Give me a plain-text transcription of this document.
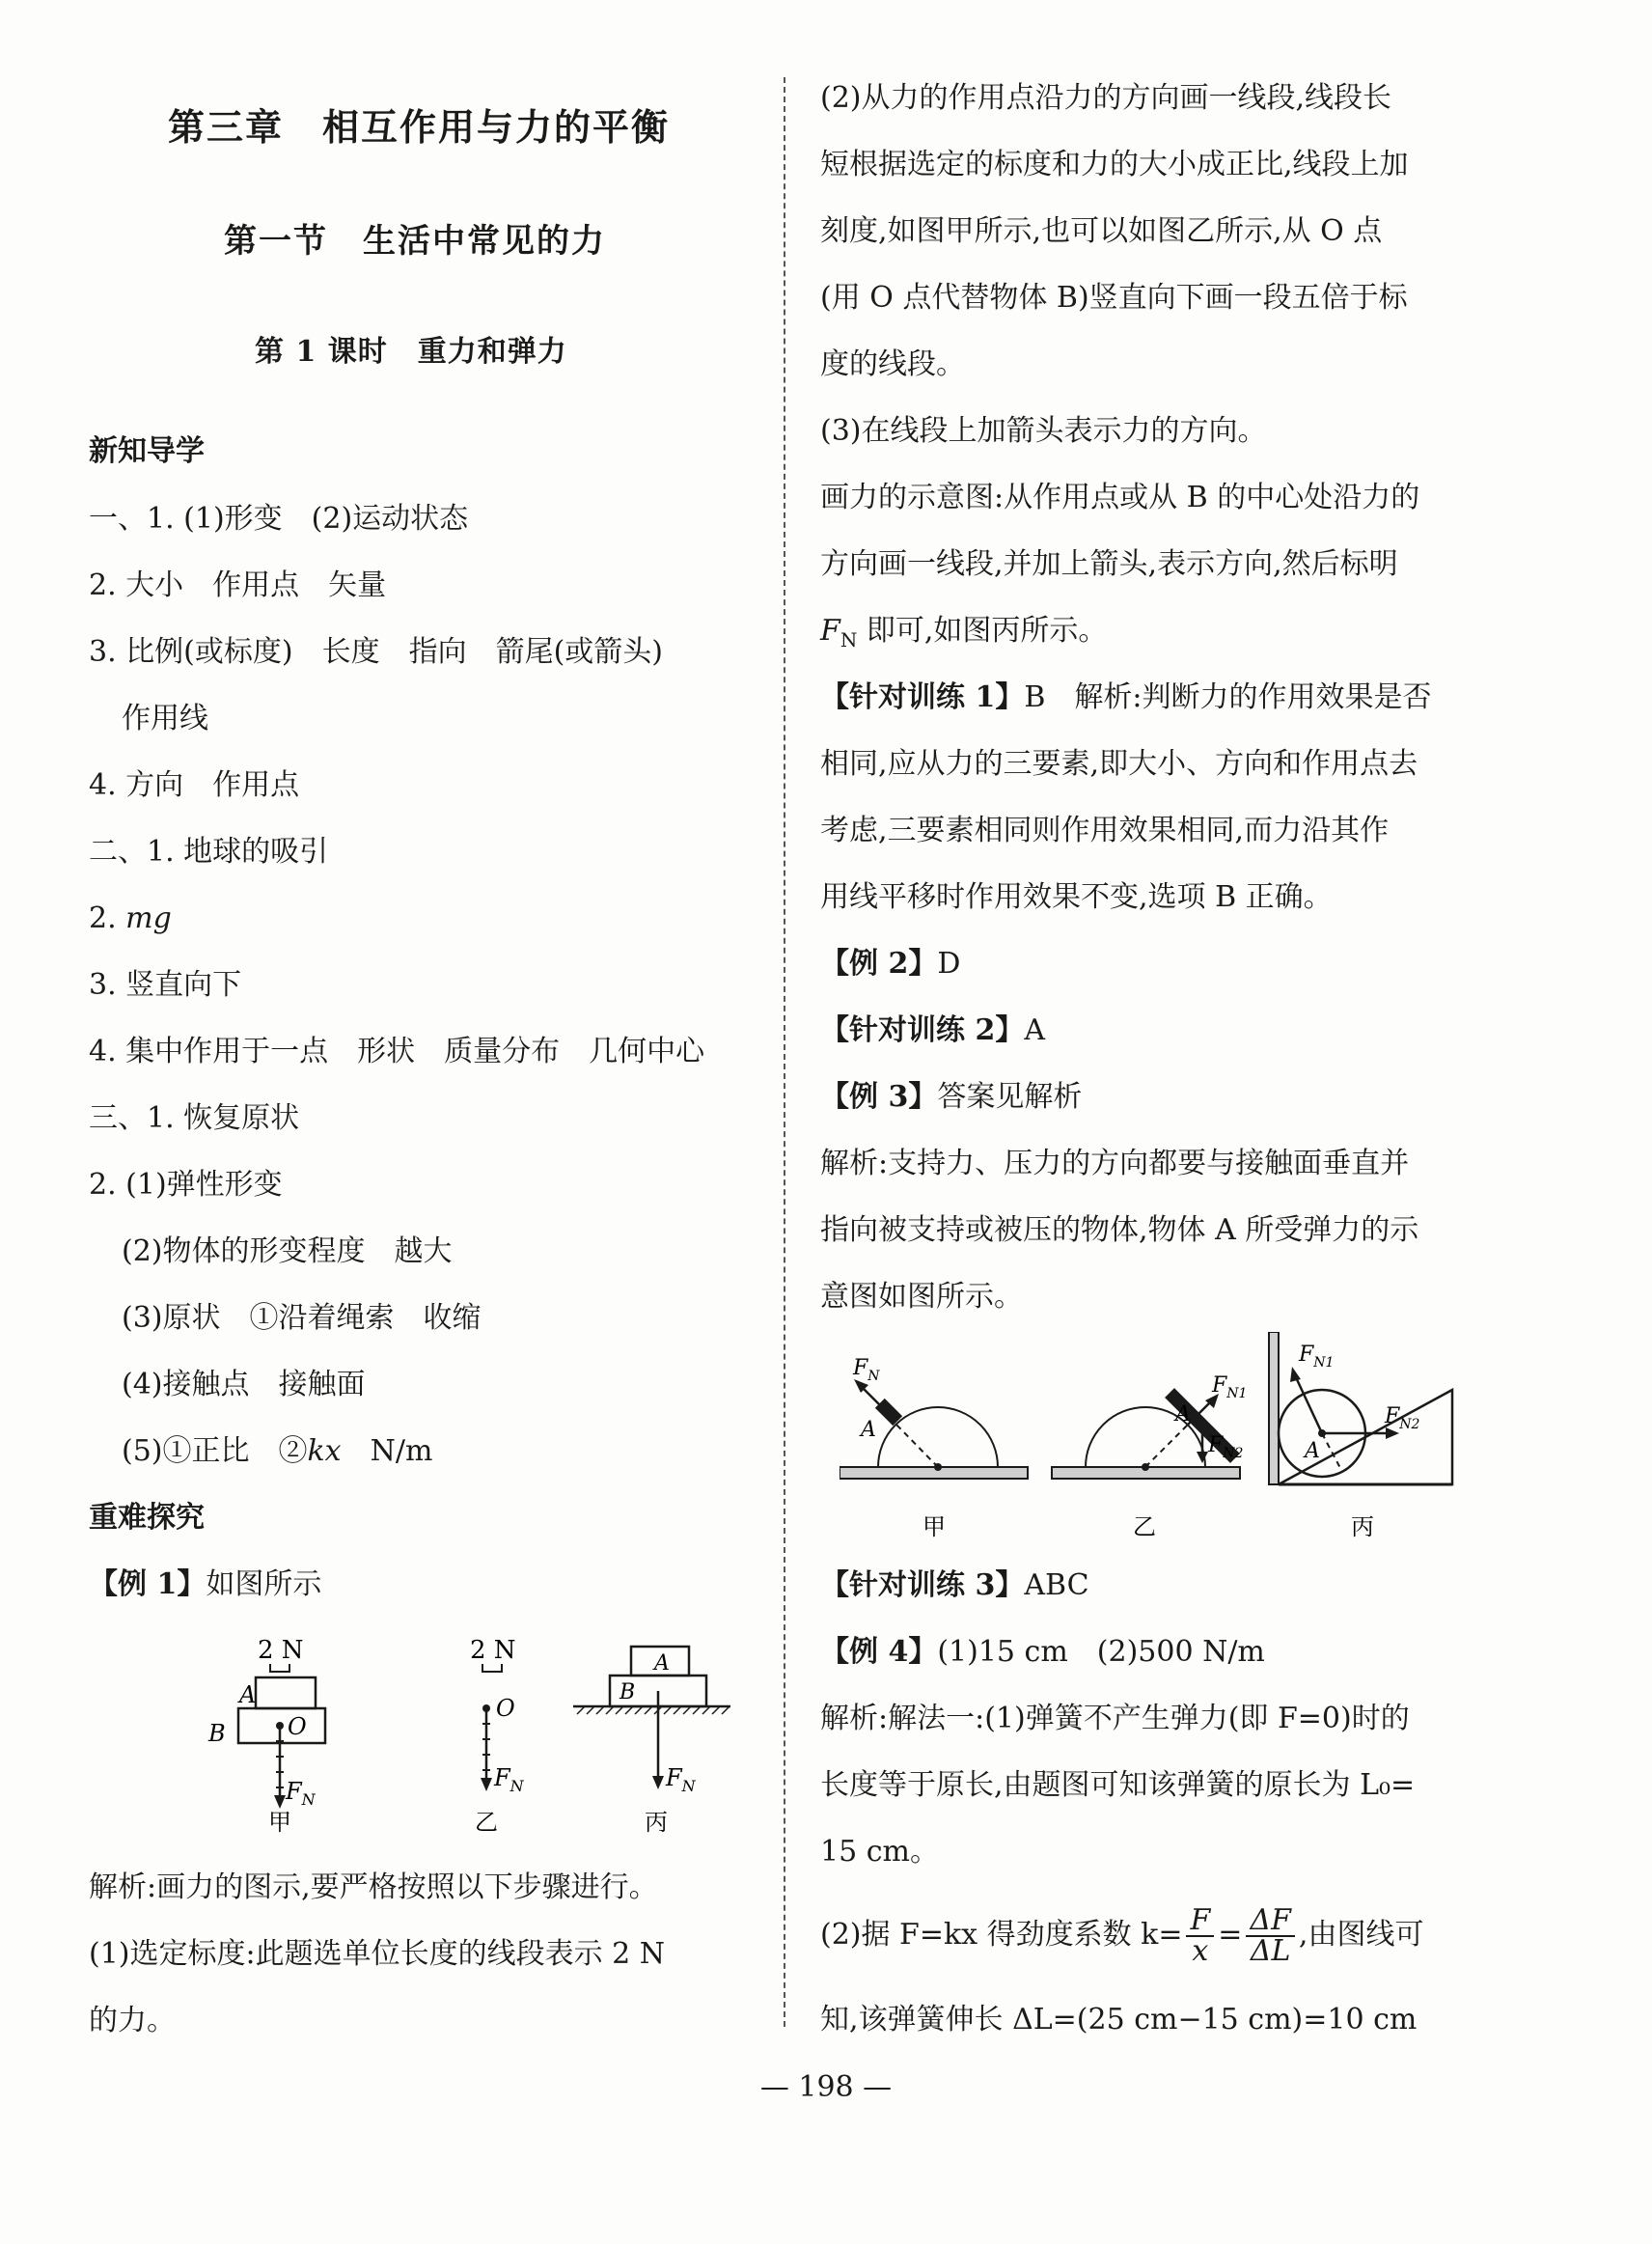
第三章　相互作用与力的平衡
第一节　生活中常见的力
第 1 课时　重力和弹力
新知导学
一、1. (1)形变　(2)运动状态
2. 大小　作用点　矢量
3. 比例(或标度)　长度　指向　箭尾(或箭头)
作用线
4. 方向　作用点
二、1. 地球的吸引
2. mg
3. 竖直向下
4. 集中作用于一点　形状　质量分布　几何中心
三、1. 恢复原状
2. (1)弹性形变
(2)物体的形变程度　越大
(3)原状　①沿着绳索　收缩
(4)接触点　接触面
(5)①正比　②kx　N/m
重难探究
【例 1】如图所示
2 N
A
B	O
$F_N$
甲
2 N
O
$F_N$
乙
A
B
$F_N$
丙
解析:画力的图示,要严格按照以下步骤进行。
(1)选定标度:此题选单位长度的线段表示 2 N
的力。
(2)从力的作用点沿力的方向画一线段,线段长
短根据选定的标度和力的大小成正比,线段上加
刻度,如图甲所示,也可以如图乙所示,从 O 点
(用 O 点代替物体 B)竖直向下画一段五倍于标
度的线段。
(3)在线段上加箭头表示力的方向。
画力的示意图:从作用点或从 B 的中心处沿力的
方向画一线段,并加上箭头,表示方向,然后标明
$F_N$ 即可,如图丙所示。
【针对训练 1】B　解析:判断力的作用效果是否
相同,应从力的三要素,即大小、方向和作用点去
考虑,三要素相同则作用效果相同,而力沿其作
用线平移时作用效果不变,选项 B 正确。
【例 2】D
【针对训练 2】A
【例 3】答案见解析
解析:支持力、压力的方向都要与接触面垂直并
指向被支持或被压的物体,物体 A 所受弹力的示
意图如图所示。
$F_N$
A
甲
$F_{N1}$
$F_{N2}$
A
乙
$F_{N1}$
$F_{N2}$
A
丙
【针对训练 3】ABC
【例 4】(1)15 cm　(2)500 N/m
解析:解法一:(1)弹簧不产生弹力(即 F=0)时的
长度等于原长,由题图可知该弹簧的原长为 L₀=
15 cm。
(2)据 F=kx 得劲度系数 $k= \frac{F}{x} = \frac{\Delta F}{\Delta L}$ ,由图线可
知,该弹簧伸长 ΔL=(25 cm−15 cm)=10 cm
— 198 —
